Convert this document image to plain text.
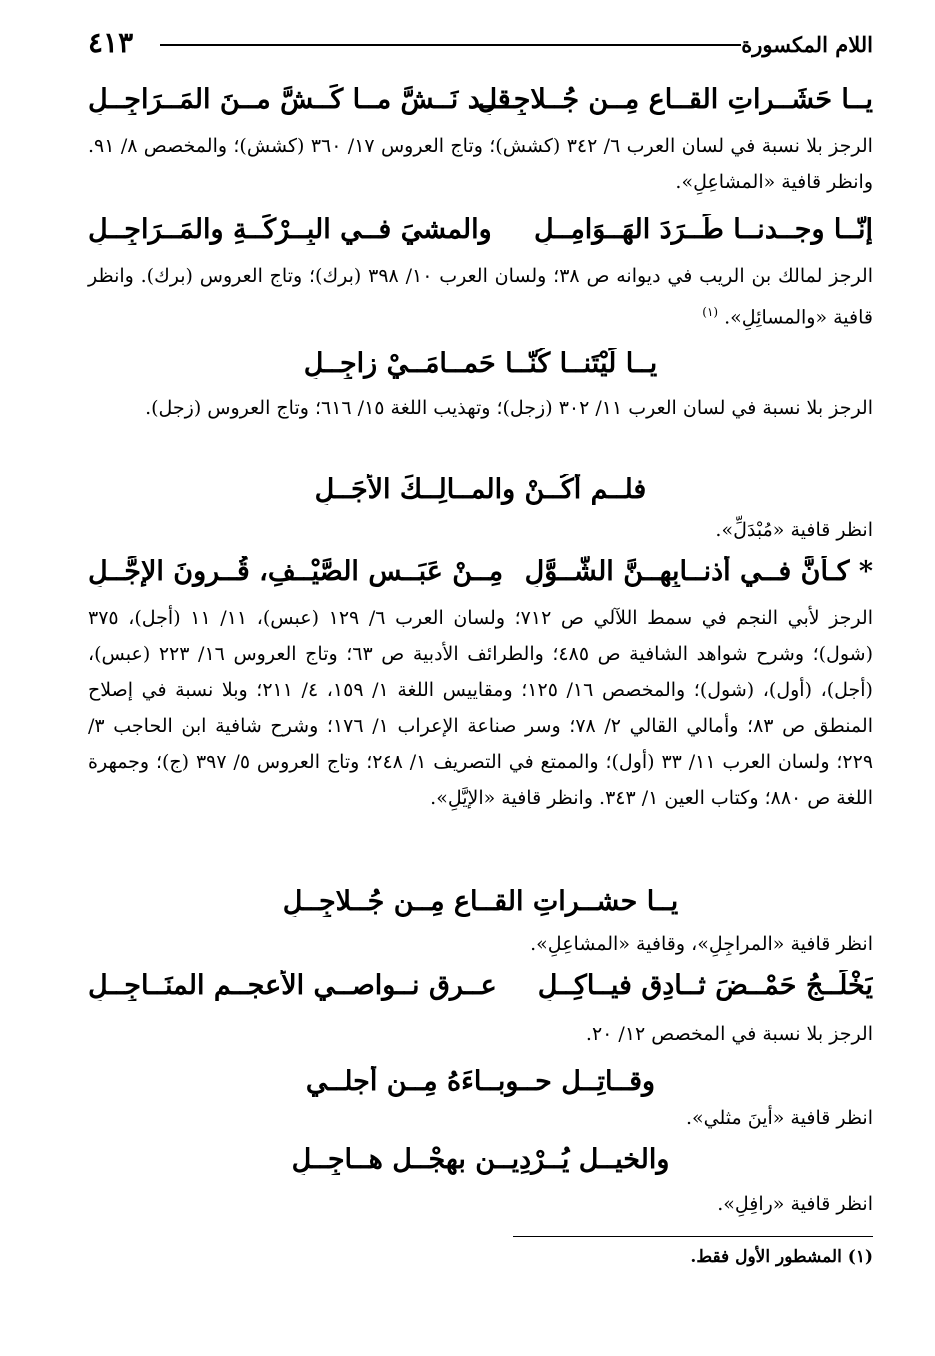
اللام المكسورة
٤١٣
يــا حَشَــراتِ القــاعِ مِــن جُــلاجِــلِ
قــد نَــشَّ مــا كَــشَّ مــنَ المَــرَاجِــلِ
الرجز بلا نسبة في لسان العرب ٦/ ٣٤٢ (كشش)؛ وتاج العروس ١٧/ ٣٦٠ (كشش)؛ والمخصص ٨/ ٩١. وانظر قافية «المشاعِلِ».
إنّــا وجــدنــا طَــرَدَ الهَــوَامِــلِ
والمشيَ فــي البِــرْكَــةِ والمَــرَاجِــلِ
الرجز لمالك بن الريب في ديوانه ص ٣٨؛ ولسان العرب ١٠/ ٣٩٨ (برك)؛ وتاج العروس (برك). وانظر قافية «والمسائِلِ». $^{(١)}$
يــا لَيْتَنــا كُنّــا حَمــامَــيْ زاجِــلِ
الرجز بلا نسبة في لسان العرب ١١/ ٣٠٢ (زجل)؛ وتهذيب اللغة ١٥/ ٦١٦؛ وتاج العروس (زجل).
فلــم أكُــنْ والمــالِــكَ الأجَــلِ
انظر قافية «مُبْدَلِّ».
* كـأنَّ فــي أذنــابِهِــنَّ الشُّــوَّلِ
مِــنْ عَبَــسِ الصَّيْــفِ، قُــرونَ الإجَّــلِ
الرجز لأبي النجم في سمط اللآلي ص ٧١٢؛ ولسان العرب ٦/ ١٢٩ (عبس)، ١١/ ١١ (أجل)، ٣٧٥ (شول)؛ وشرح شواهد الشافية ص ٤٨٥؛ والطرائف الأدبية ص ٦٣؛ وتاج العروس ١٦/ ٢٢٣ (عبس)، (أجل)، (أول)، (شول)؛ والمخصص ١٦/ ١٢٥؛ ومقاييس اللغة ١/ ١٥٩، ٤/ ٢١١؛ وبلا نسبة في إصلاح المنطق ص ٨٣؛ وأمالي القالي ٢/ ٧٨؛ وسر صناعة الإعراب ١/ ١٧٦؛ وشرح شافية ابن الحاجب ٣/ ٢٢٩؛ ولسان العرب ١١/ ٣٣ (أول)؛ والممتع في التصريف ١/ ٢٤٨؛ وتاج العروس ٥/ ٣٩٧ (ج)؛ وجمهرة اللغة ص ٨٨٠؛ وكتاب العين ١/ ٣٤٣. وانظر قافية «الإيَّلِ».
يــا حشــراتِ القــاعِ مِــن جُــلاجِــلِ
انظر قافية «المراجِلِ»، وقافية «المشاعِلِ».
يَخْلَــجُ حَمْــضَ ثــادِقٍ فيــاكِــلِ
عــرق نــواصــي الأعجــمِ المنَــاجِــلِ
الرجز بلا نسبة في المخصص ١٢/ ٢٠.
وقــاتِــل حــوبــاءَهُ مِــن أجلــي
انظر قافية «أينَ مثلي».
والخيــل يُــرْدِيــن بهجْــل هــاجِــلِ
انظر قافية «رافِلِ».
(١) المشطور الأول فقط.
